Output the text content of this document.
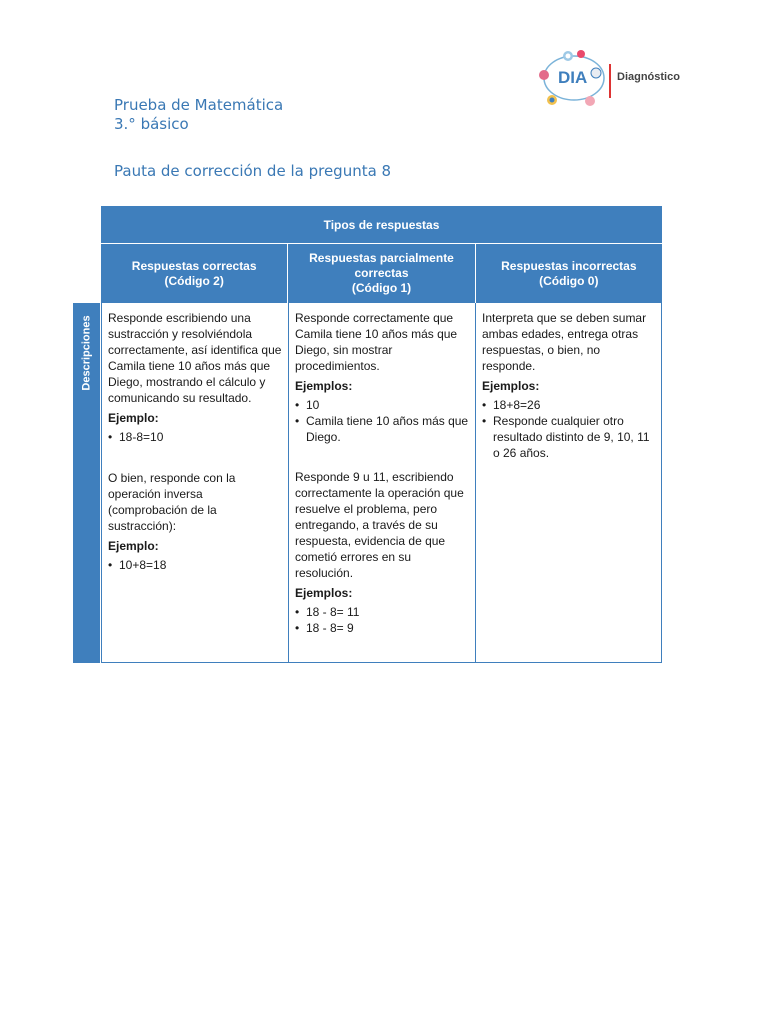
DIA	Diagnóstico
Prueba de Matemática
3.° básico
Pauta de corrección de la pregunta 8
Tipos de respuestas
Respuestas correctas
(Código 2)
Respuestas parcialmente
correctas
(Código 1)
Respuestas incorrectas
(Código 0)
Descripciones Responde escribiendo una sustracción y resolviéndola correctamente, así identifica que Camila tiene 10 años más que Diego, mostrando el cálculo y comunicando su resultado.

Ejemplo:

• 18-8=10

O bien, responde con la operación inversa (comprobación de la sustracción):

Ejemplo:

• 10+8=18

Responde correctamente que Camila tiene 10 años más que Diego, sin mostrar procedimientos.

Ejemplos:

• 10
• Camila tiene 10 años más que Diego.

Responde 9 u 11, escribiendo correctamente la operación que resuelve el problema, pero entregando, a través de su respuesta, evidencia de que cometió errores en su resolución.

Ejemplos:

• 18 - 8= 11
• 18 - 8= 9

Interpreta que se deben sumar ambas edades, entrega otras respuestas, o bien, no responde.

Ejemplos:

• 18+8=26
• Responde cualquier otro resultado distinto de 9, 10, 11 o 26 años.
